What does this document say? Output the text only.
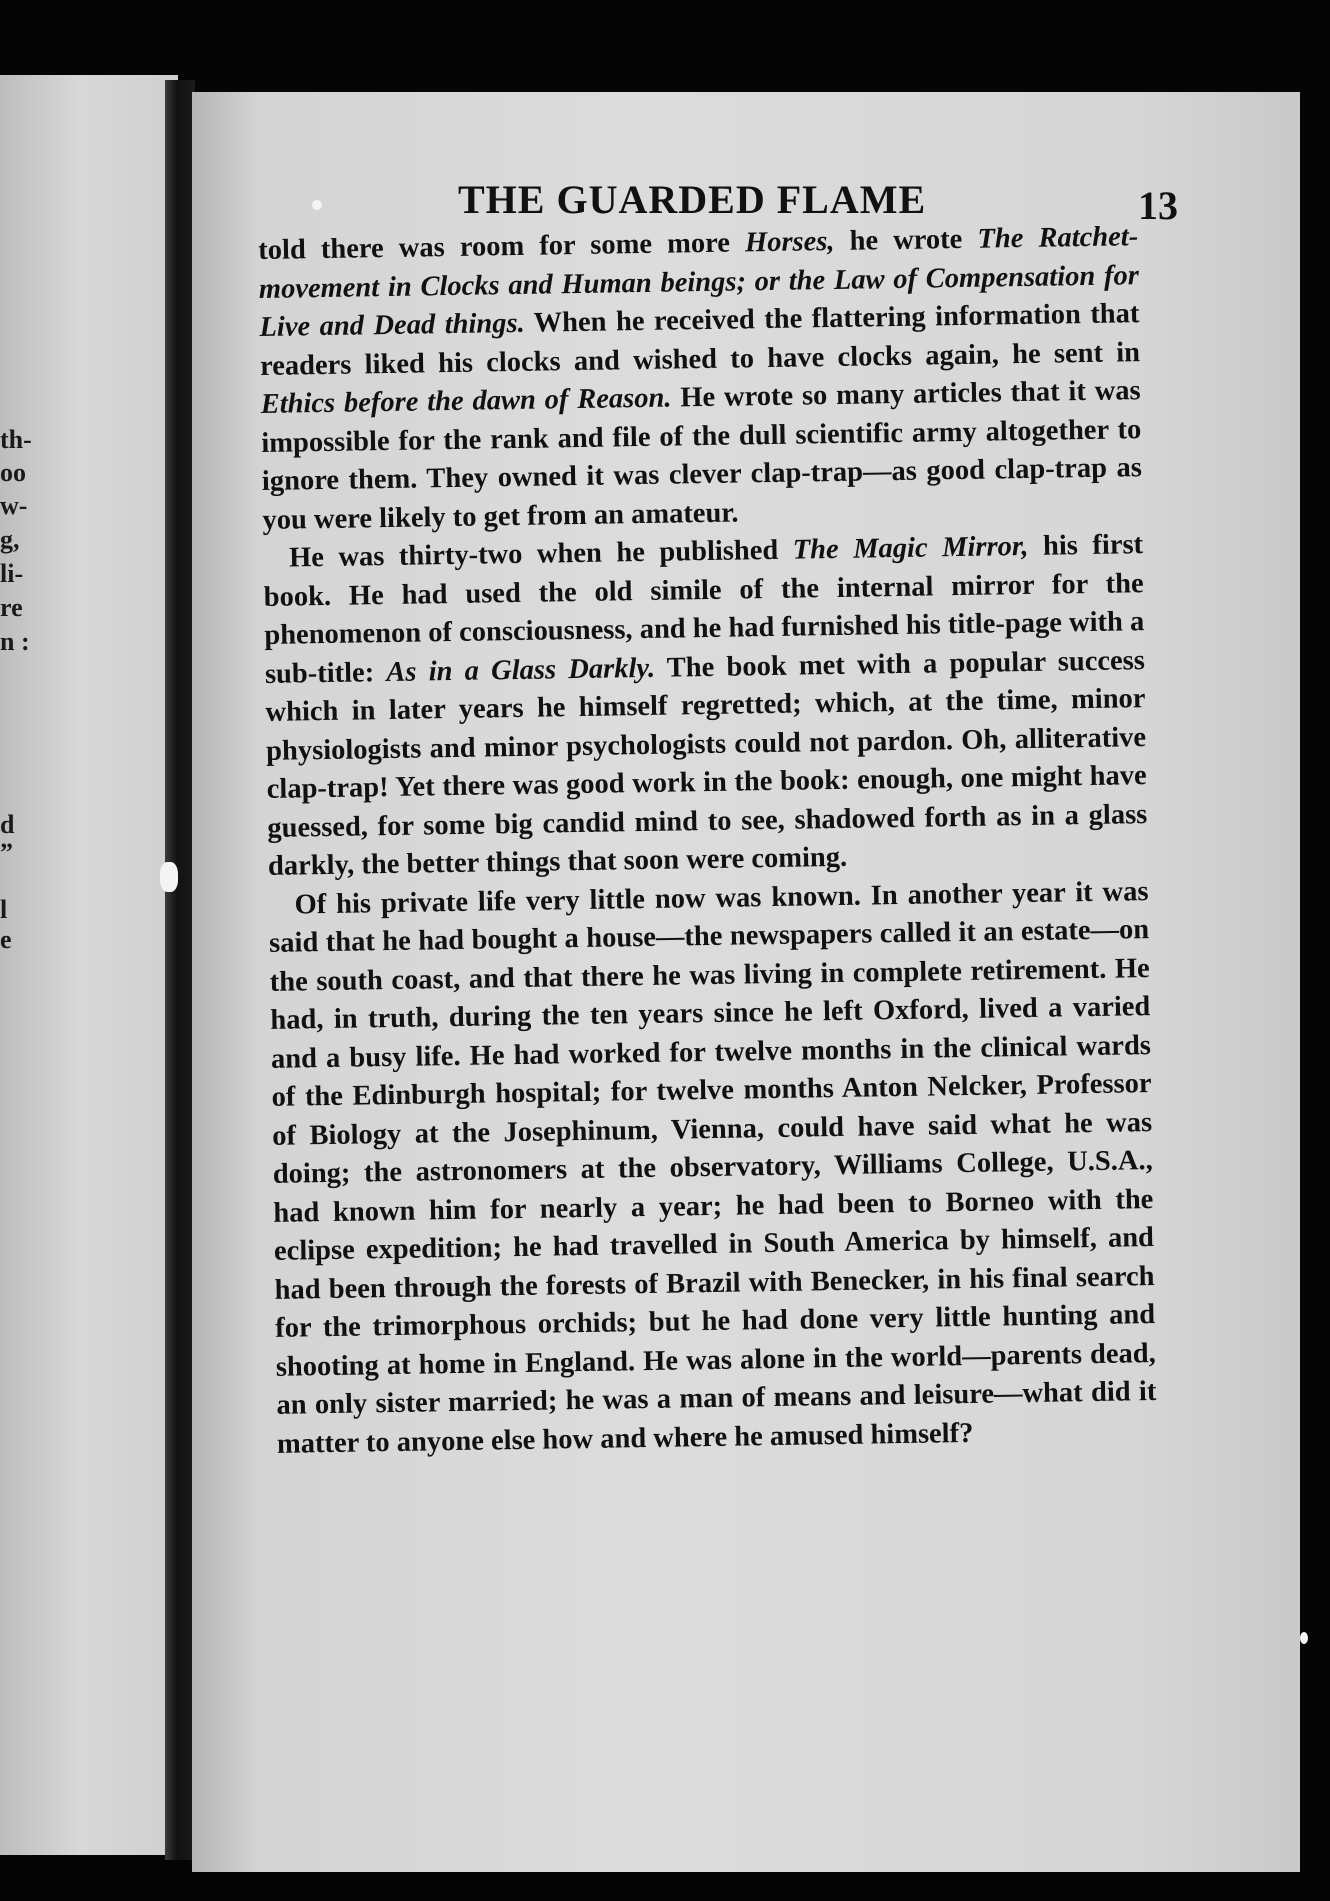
th-
oo
w-
g,
li-
re
n :
d
”
l
e
THE GUARDED FLAME	13

told there was room for some more Horses, he wrote The Ratchet-movement in Clocks and Human beings; or the Law of Compensation for Live and Dead things. When he received the flattering information that readers liked his clocks and wished to have clocks again, he sent in Ethics before the dawn of Reason. He wrote so many articles that it was impossible for the rank and file of the dull scientific army altogether to ignore them. They owned it was clever clap-trap—as good clap-trap as you were likely to get from an amateur.

He was thirty-two when he published The Magic Mirror, his first book. He had used the old simile of the internal mirror for the phenomenon of consciousness, and he had furnished his title-page with a sub-title: As in a Glass Darkly. The book met with a popular success which in later years he himself regretted; which, at the time, minor physiologists and minor psychologists could not pardon. Oh, alliterative clap-trap! Yet there was good work in the book: enough, one might have guessed, for some big candid mind to see, shadowed forth as in a glass darkly, the better things that soon were coming.

Of his private life very little now was known. In another year it was said that he had bought a house—the newspapers called it an estate—on the south coast, and that there he was living in complete retirement. He had, in truth, during the ten years since he left Oxford, lived a varied and a busy life. He had worked for twelve months in the clinical wards of the Edinburgh hospital; for twelve months Anton Nelcker, Professor of Biology at the Josephinum, Vienna, could have said what he was doing; the astronomers at the observatory, Williams College, U.S.A., had known him for nearly a year; he had been to Borneo with the eclipse expedition; he had travelled in South America by himself, and had been through the forests of Brazil with Benecker, in his final search for the trimorphous orchids; but he had done very little hunting and shooting at home in England. He was alone in the world—parents dead, an only sister married; he was a man of means and leisure—what did it matter to anyone else how and where he amused himself?
